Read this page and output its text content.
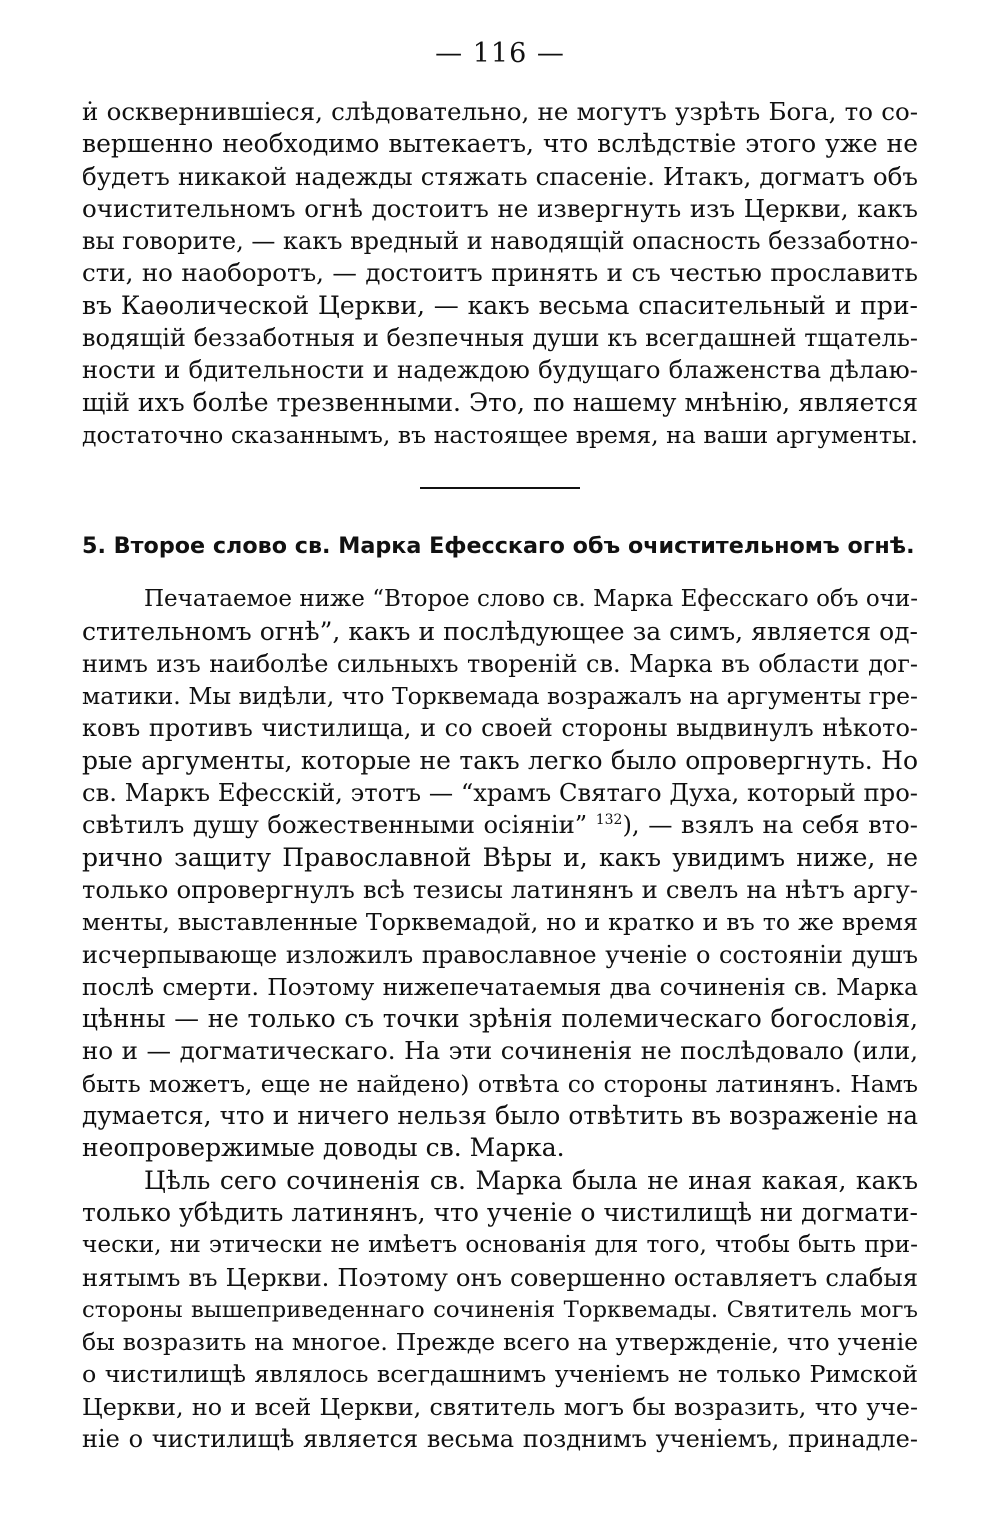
— 116 —
и̇ осквернившіеся, слѣдовательно, не могутъ узрѣть Бога, то со-
вершенно необходимо вытекаетъ, что вслѣдствіе этого уже не
будетъ никакой надежды стяжать спасеніе. Итакъ, догматъ объ
очистительномъ огнѣ достоитъ не извергнуть изъ Церкви, какъ
вы говорите, — какъ вредный и наводящій опасность беззаботно-
сти, но наоборотъ, — достоитъ принять и съ честью прославить
въ Каѳолической Церкви, — какъ весьма спасительный и при-
водящій беззаботныя и безпечныя души къ всегдашней тщатель-
ности и бдительности и надеждою будущаго блаженства дѣлаю-
щій ихъ болѣе трезвенными. Это, по нашему мнѣнію, является
достаточно сказаннымъ, въ настоящее время, на ваши аргументы.
5. Второе слово св. Марка Ефесскаго объ очистительномъ огнѣ.
Печатаемое ниже “Второе слово св. Марка Ефесскаго объ очи-
стительномъ огнѣ”, какъ и послѣдующее за симъ, является од-
нимъ изъ наиболѣе сильныхъ твореній св. Марка въ области дог-
матики. Мы видѣли, что Торквемада возражалъ на аргументы гре-
ковъ противъ чистилища, и со своей стороны выдвинулъ нѣкото-
рые аргументы, которые не такъ легко было опровергнуть. Но
св. Маркъ Ефесскій, этотъ — “храмъ Святаго Духа, который про-
свѣтилъ душу божественными осіяніи” $^{132}$), — взялъ на себя вто-
рично защиту Православной Вѣры и, какъ увидимъ ниже, не
только опровергнулъ всѣ тезисы латинянъ и свелъ на нѣтъ аргу-
менты, выставленные Торквемадой, но и кратко и въ то же время
исчерпывающе изложилъ православное ученіе о состояніи душъ
послѣ смерти. Поэтому нижепечатаемыя два сочиненія св. Марка
цѣнны — не только съ точки зрѣнія полемическаго богословія,
но и — догматическаго. На эти сочиненія не послѣдовало (или,
быть можетъ, еще не найдено) отвѣта со стороны латинянъ. Намъ
думается, что и ничего нельзя было отвѣтить въ возраженіе на
неопровержимые доводы св. Марка.
Цѣль сего сочиненія св. Марка была не иная какая, какъ
только убѣдить латинянъ, что ученіе о чистилищѣ ни догмати-
чески, ни этически не имѣетъ основанія для того, чтобы быть при-
нятымъ въ Церкви. Поэтому онъ совершенно оставляетъ слабыя
стороны вышеприведеннаго сочиненія Торквемады. Святитель могъ
бы возразить на многое. Прежде всего на утвержденіе, что ученіе
о чистилищѣ являлось всегдашнимъ ученіемъ не только Римской
Церкви, но и всей Церкви, святитель могъ бы возразить, что уче-
ніе о чистилищѣ является весьма позднимъ ученіемъ, принадле-
